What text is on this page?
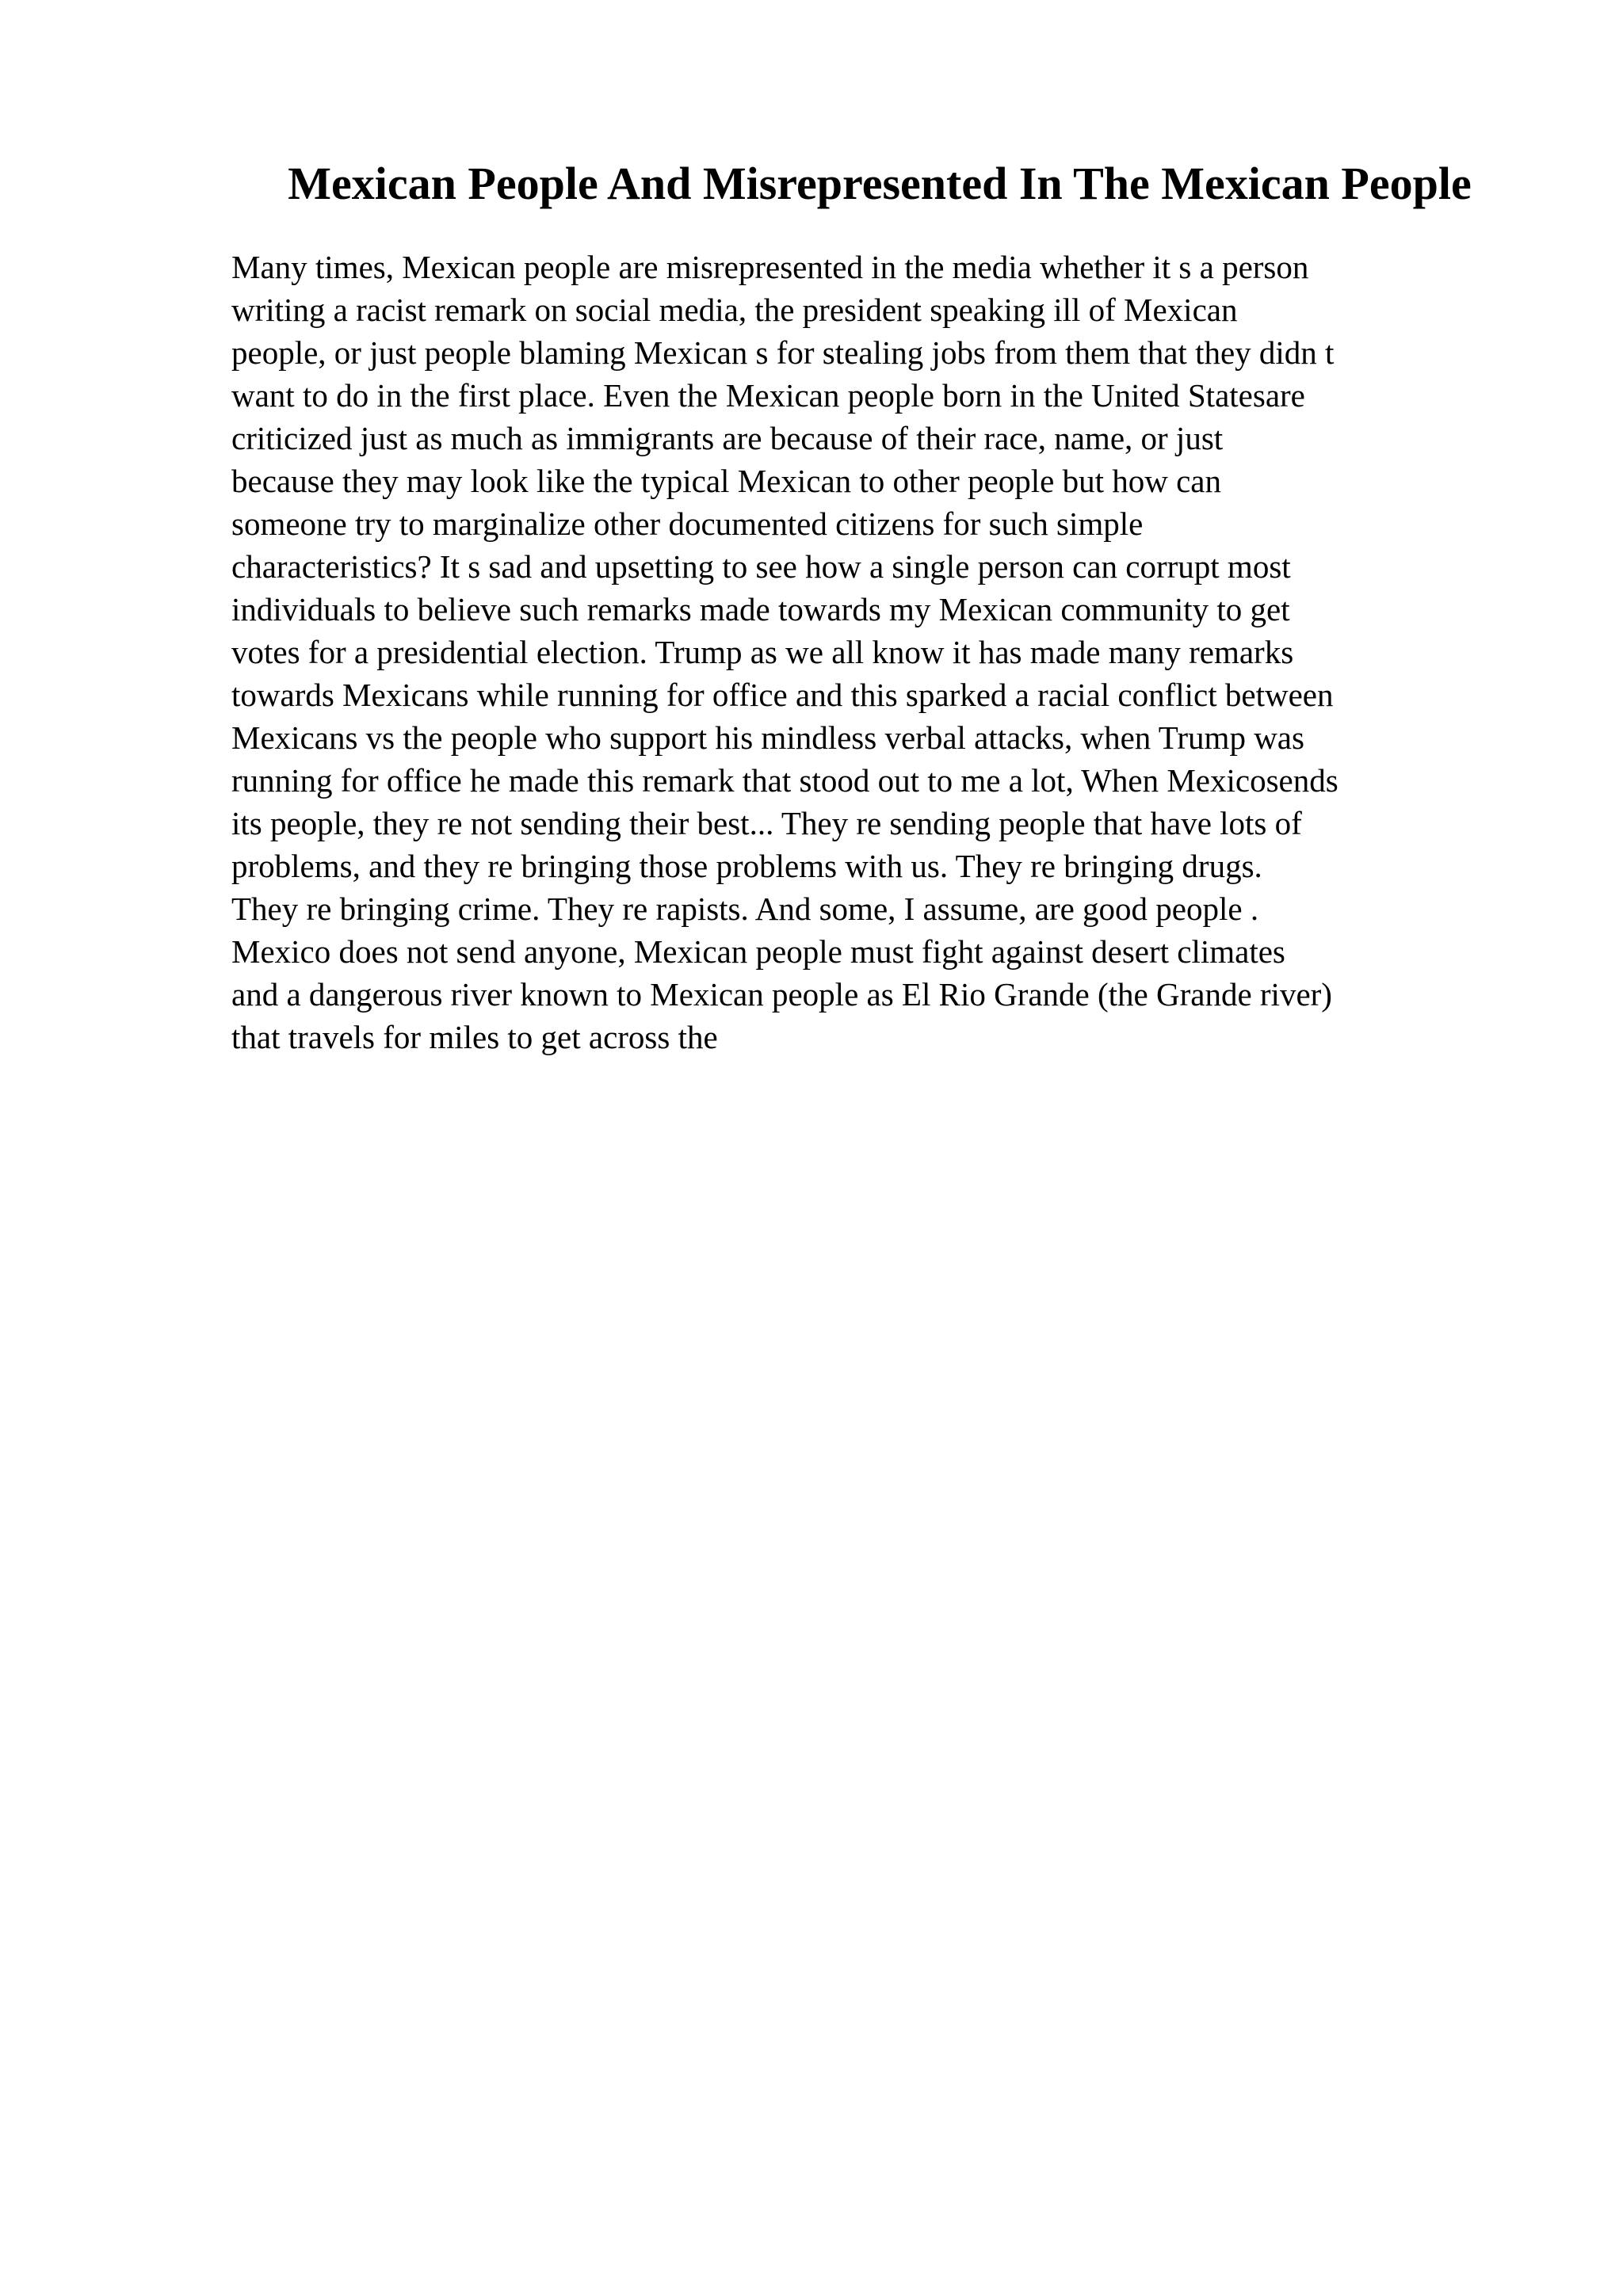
Mexican People And Misrepresented In The Mexican People
Many times, Mexican people are misrepresented in the media whether it s a person
writing a racist remark on social media, the president speaking ill of Mexican
people, or just people blaming Mexican s for stealing jobs from them that they didn t
want to do in the first place. Even the Mexican people born in the United Statesare
criticized just as much as immigrants are because of their race, name, or just
because they may look like the typical Mexican to other people but how can
someone try to marginalize other documented citizens for such simple
characteristics? It s sad and upsetting to see how a single person can corrupt most
individuals to believe such remarks made towards my Mexican community to get
votes for a presidential election. Trump as we all know it has made many remarks
towards Mexicans while running for office and this sparked a racial conflict between
Mexicans vs the people who support his mindless verbal attacks, when Trump was
running for office he made this remark that stood out to me a lot, When Mexicosends
its people, they re not sending their best... They re sending people that have lots of
problems, and they re bringing those problems with us. They re bringing drugs.
They re bringing crime. They re rapists. And some, I assume, are good people .
Mexico does not send anyone, Mexican people must fight against desert climates
and a dangerous river known to Mexican people as El Rio Grande (the Grande river)
that travels for miles to get across the
